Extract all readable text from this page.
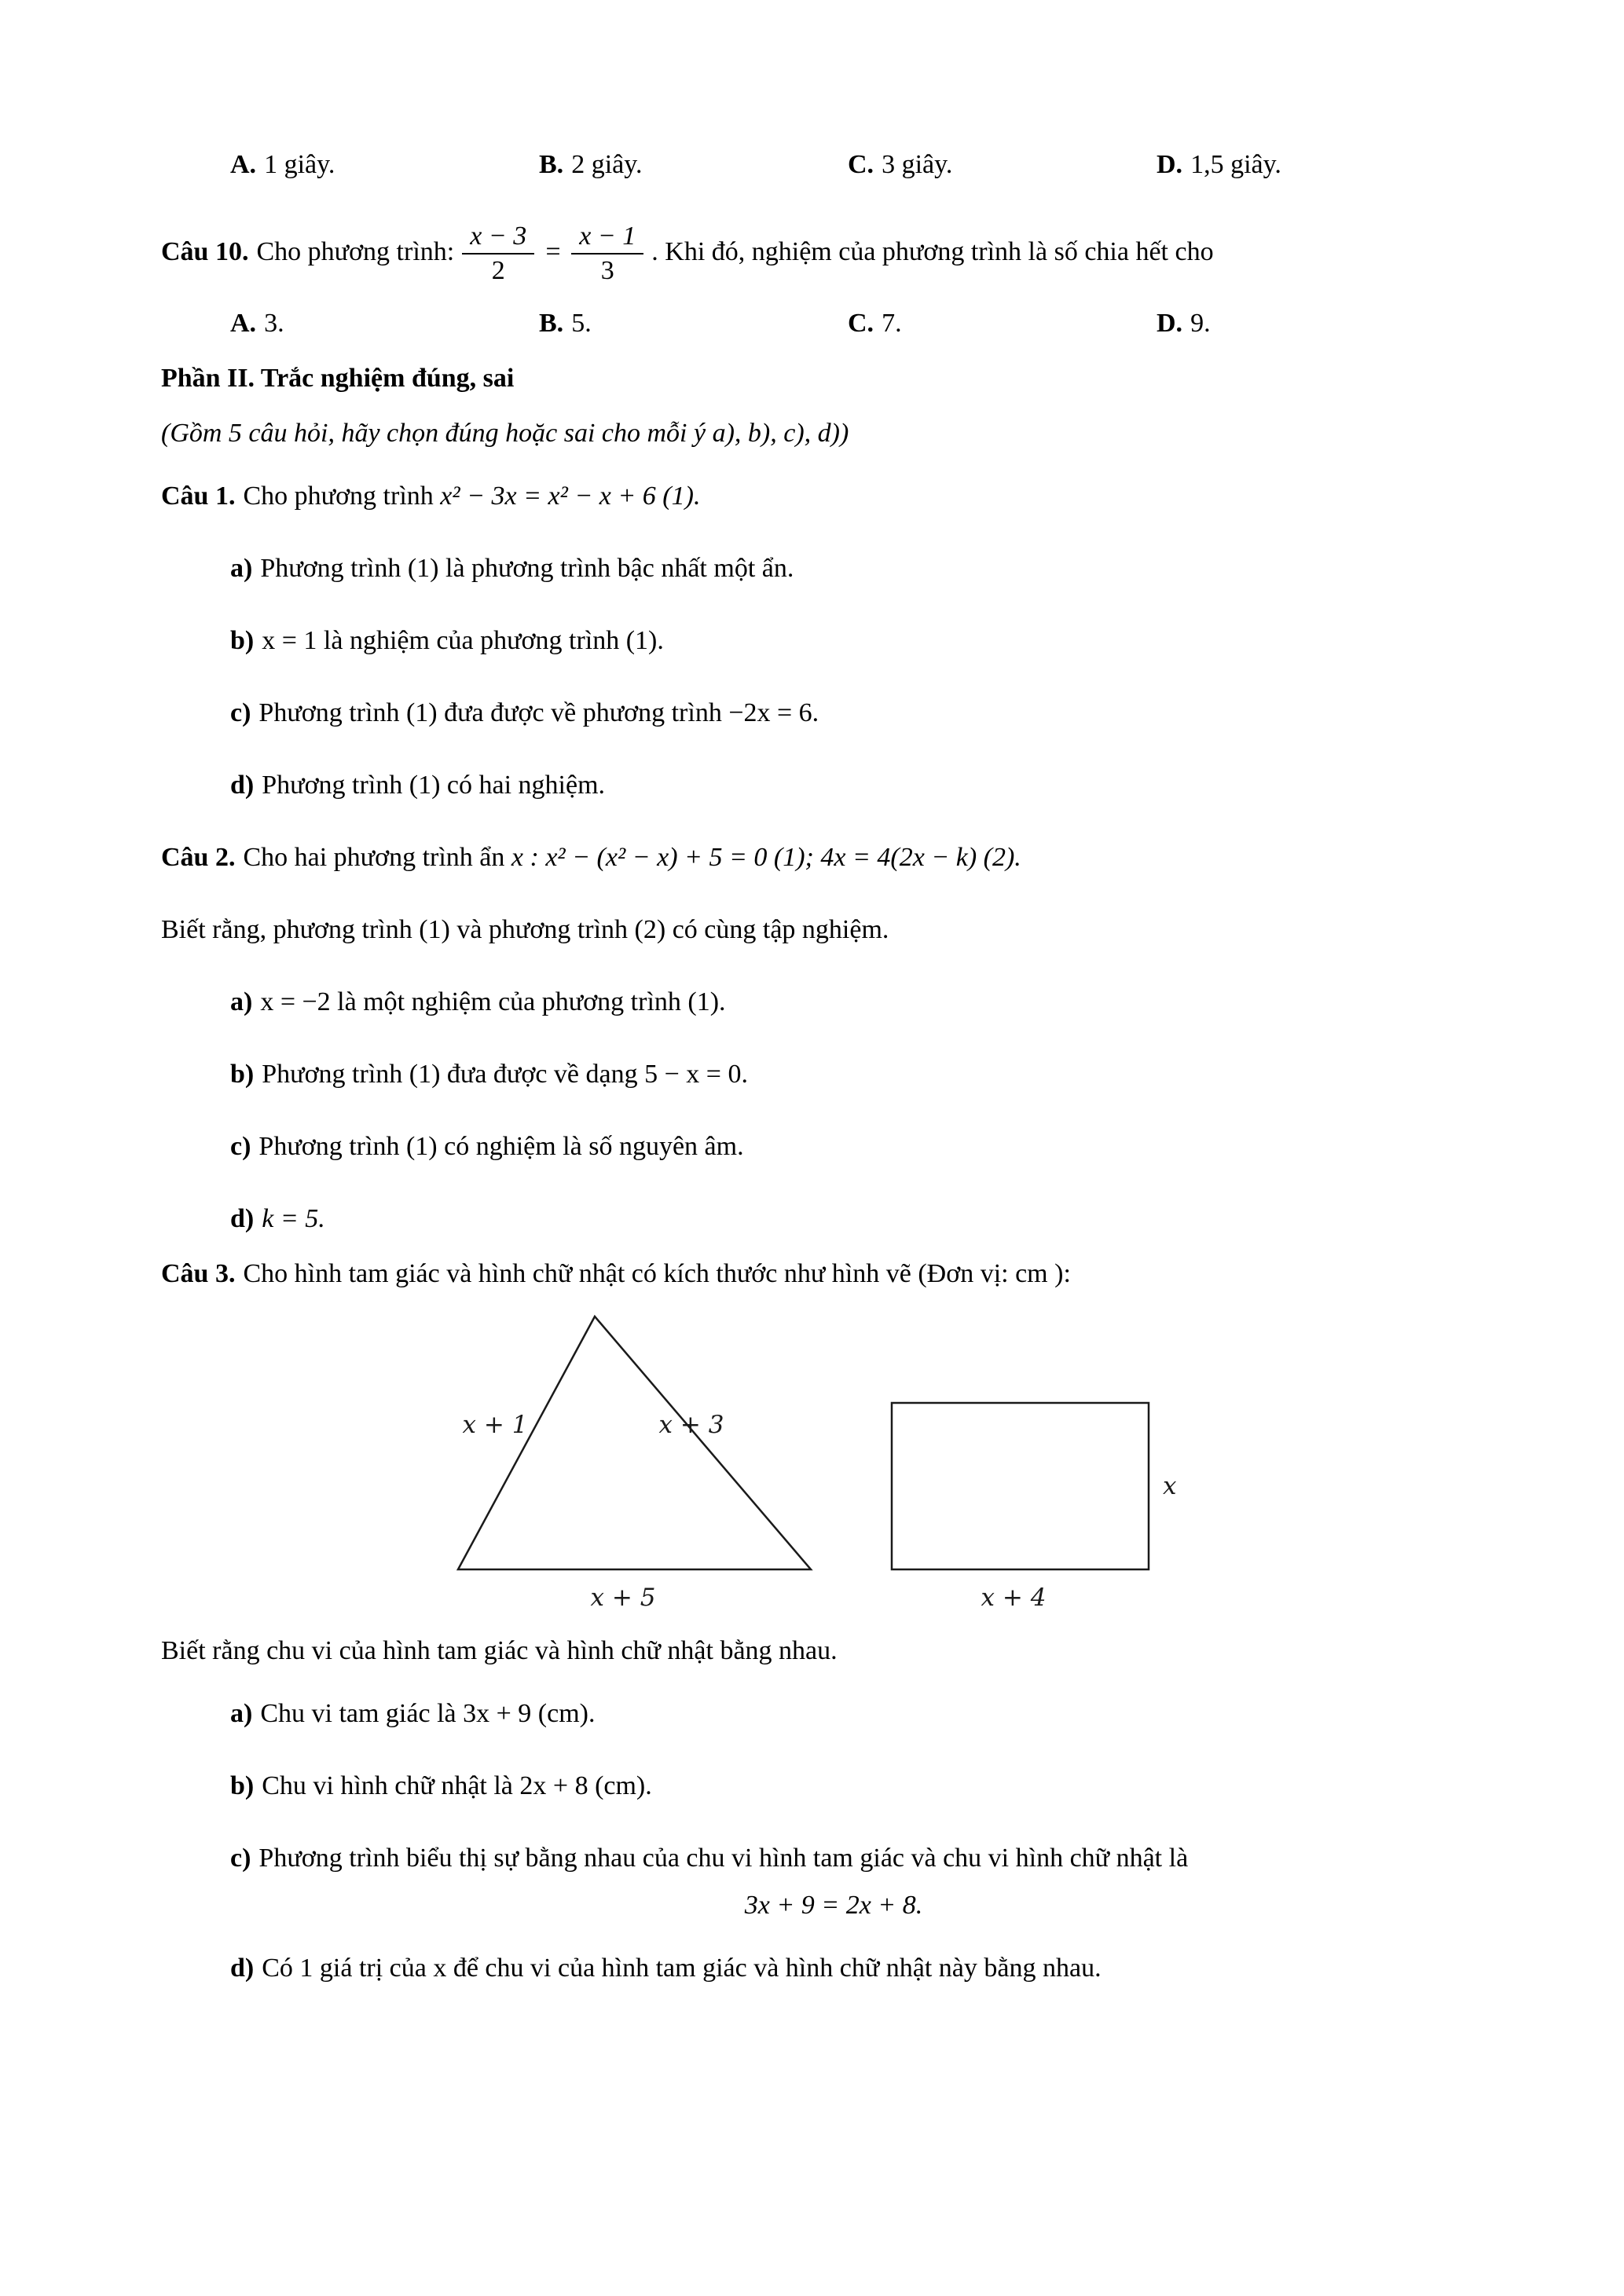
A. 1 giây.	B. 2 giây.	C. 3 giây.	D. 1,5 giây.
Câu 10. Cho phương trình: $\frac{x - 3}{2} = \frac{x - 1}{3}$ . Khi đó, nghiệm của phương trình là số chia hết cho
A. 3.	B. 5.	C. 7.	D. 9.
Phần II. Trắc nghiệm đúng, sai
(Gồm 5 câu hỏi, hãy chọn đúng hoặc sai cho mỗi ý a), b), c), d))
Câu 1. Cho phương trình x² − 3x = x² − x + 6 (1).
a) Phương trình (1) là phương trình bậc nhất một ẩn.
b) x = 1 là nghiệm của phương trình (1).
c) Phương trình (1) đưa được về phương trình −2x = 6.
d) Phương trình (1) có hai nghiệm.
Câu 2. Cho hai phương trình ẩn x : x² − (x² − x) + 5 = 0 (1); 4x = 4(2x − k) (2).
Biết rằng, phương trình (1) và phương trình (2) có cùng tập nghiệm.
a) x = −2 là một nghiệm của phương trình (1).
b) Phương trình (1) đưa được về dạng 5 − x = 0.
c) Phương trình (1) có nghiệm là số nguyên âm.
d) k = 5.
Câu 3. Cho hình tam giác và hình chữ nhật có kích thước như hình vẽ (Đơn vị: cm ):
x + 1	x + 3
x + 5
x
x + 4
Biết rằng chu vi của hình tam giác và hình chữ nhật bằng nhau.
a) Chu vi tam giác là 3x + 9 (cm).
b) Chu vi hình chữ nhật là 2x + 8 (cm).
c) Phương trình biểu thị sự bằng nhau của chu vi hình tam giác và chu vi hình chữ nhật là
3x + 9 = 2x + 8.
d) Có 1 giá trị của x để chu vi của hình tam giác và hình chữ nhật này bằng nhau.
